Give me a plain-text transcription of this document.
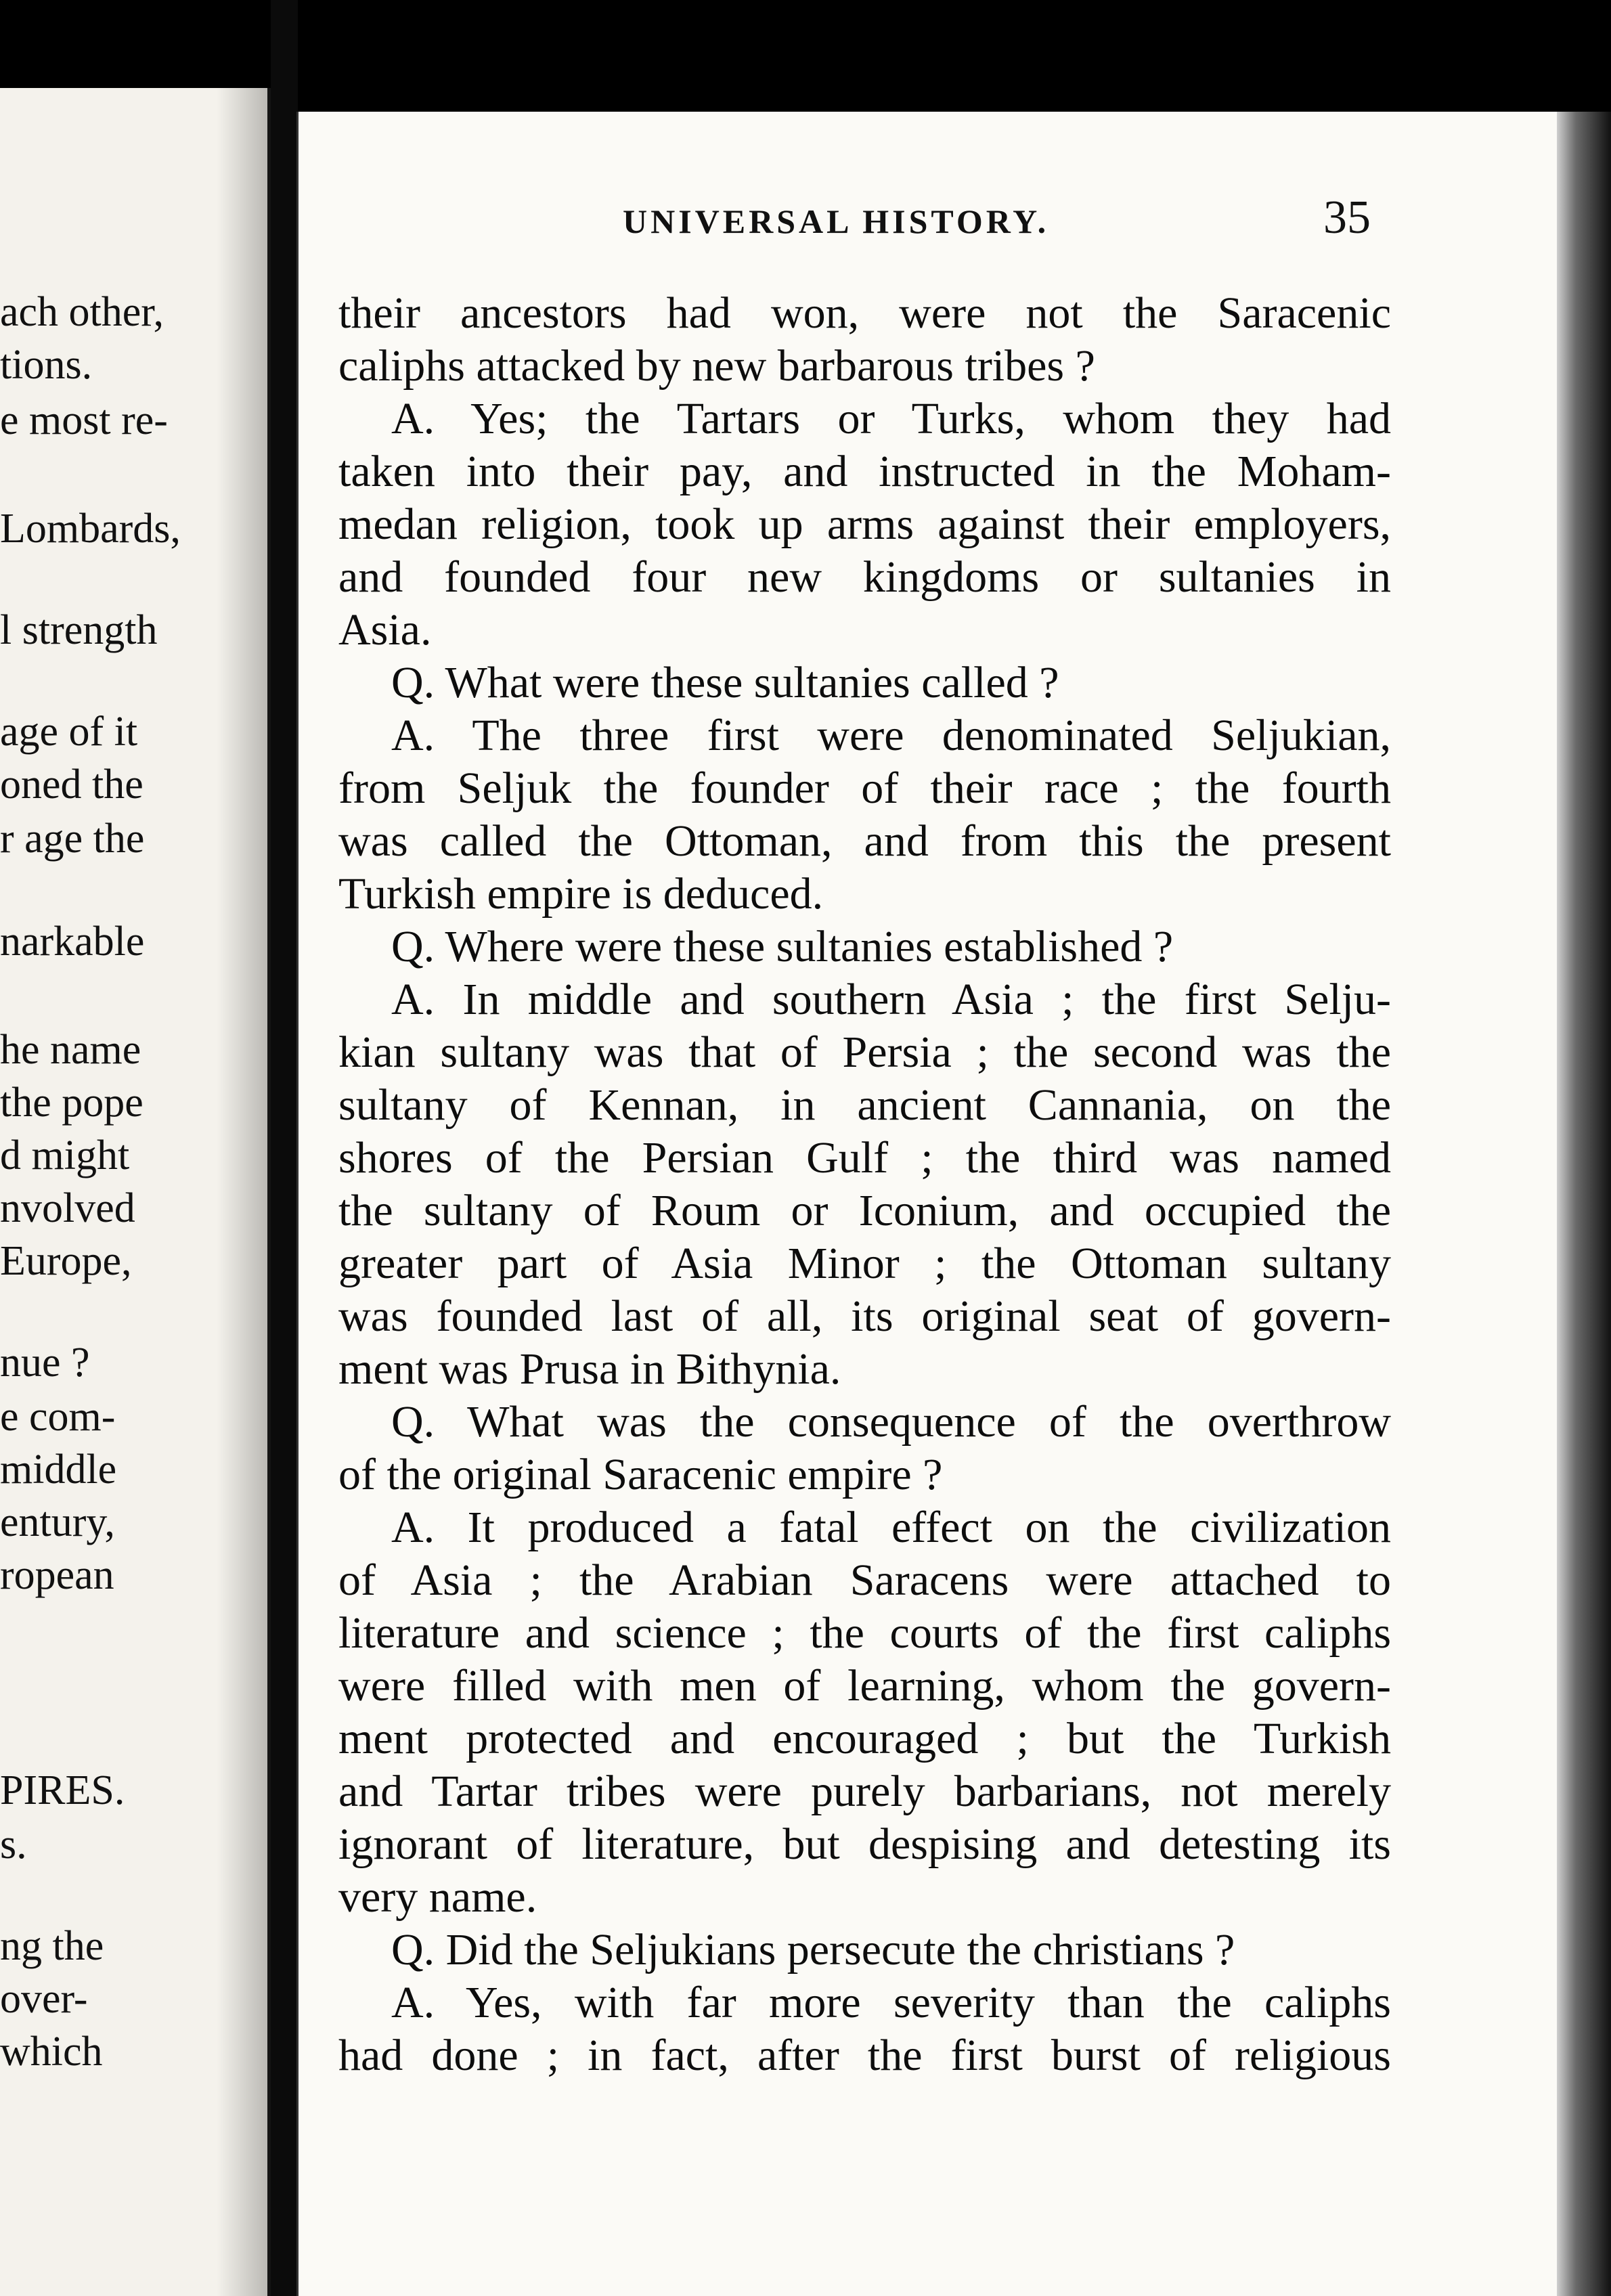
ach other,
tions.
e most re-
Lombards,
l strength
age of it
oned the
r age the
narkable
he name
the pope
d might
nvolved
Europe,
nue ?
e com-
middle
entury,
ropean
PIRES.
s.
ng the
over-
which
UNIVERSAL HISTORY.	35
their ancestors had won, were not the Saracenic
caliphs attacked by new barbarous tribes ?
A. Yes; the Tartars or Turks, whom they had
taken into their pay, and instructed in the Moham-
medan religion, took up arms against their employers,
and founded four new kingdoms or sultanies in
Asia.
Q. What were these sultanies called ?
A. The three first were denominated Seljukian,
from Seljuk the founder of their race ; the fourth
was called the Ottoman, and from this the present
Turkish empire is deduced.
Q. Where were these sultanies established ?
A. In middle and southern Asia ; the first Selju-
kian sultany was that of Persia ; the second was the
sultany of Kennan, in ancient Cannania, on the
shores of the Persian Gulf ; the third was named
the sultany of Roum or Iconium, and occupied the
greater part of Asia Minor ; the Ottoman sultany
was founded last of all, its original seat of govern-
ment was Prusa in Bithynia.
Q. What was the consequence of the overthrow
of the original Saracenic empire ?
A. It produced a fatal effect on the civilization
of Asia ; the Arabian Saracens were attached to
literature and science ; the courts of the first caliphs
were filled with men of learning, whom the govern-
ment protected and encouraged ; but the Turkish
and Tartar tribes were purely barbarians, not merely
ignorant of literature, but despising and detesting its
very name.
Q. Did the Seljukians persecute the christians ?
A. Yes, with far more severity than the caliphs
had done ; in fact, after the first burst of religious
